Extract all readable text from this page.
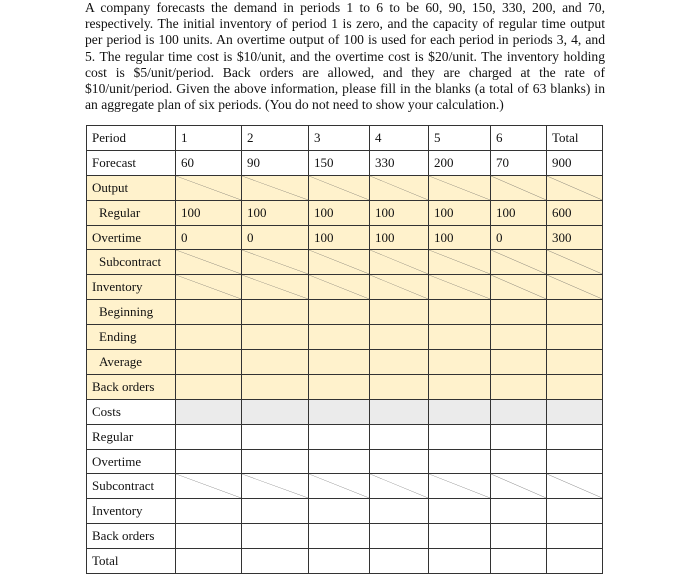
A company forecasts the demand in periods 1 to 6 to be 60, 90, 150, 330, 200, and 70, respectively. The initial inventory of period 1 is zero, and the capacity of regular time output per period is 100 units. An overtime output of 100 is used for each period in periods 3, 4, and 5. The regular time cost is $10/unit, and the overtime cost is $20/unit. The inventory holding cost is $5/unit/period. Back orders are allowed, and they are charged at the rate of $10/unit/period. Given the above information, please fill in the blanks (a total of 63 blanks) in an aggregate plan of six periods. (You do not need to show your calculation.)
Period	1	2	3	4	5	6	Total
Forecast	60	90	150	330	200	70	900
Output	

Regular	100	100	100	100	100	100	600
Overtime	0	0	100	100	100	0	300
Subcontract	

Inventory	

Beginning							
Ending							
Average							
Back orders							
Costs							
Regular							
Overtime							
Subcontract	

Inventory							
Back orders							
Total							
